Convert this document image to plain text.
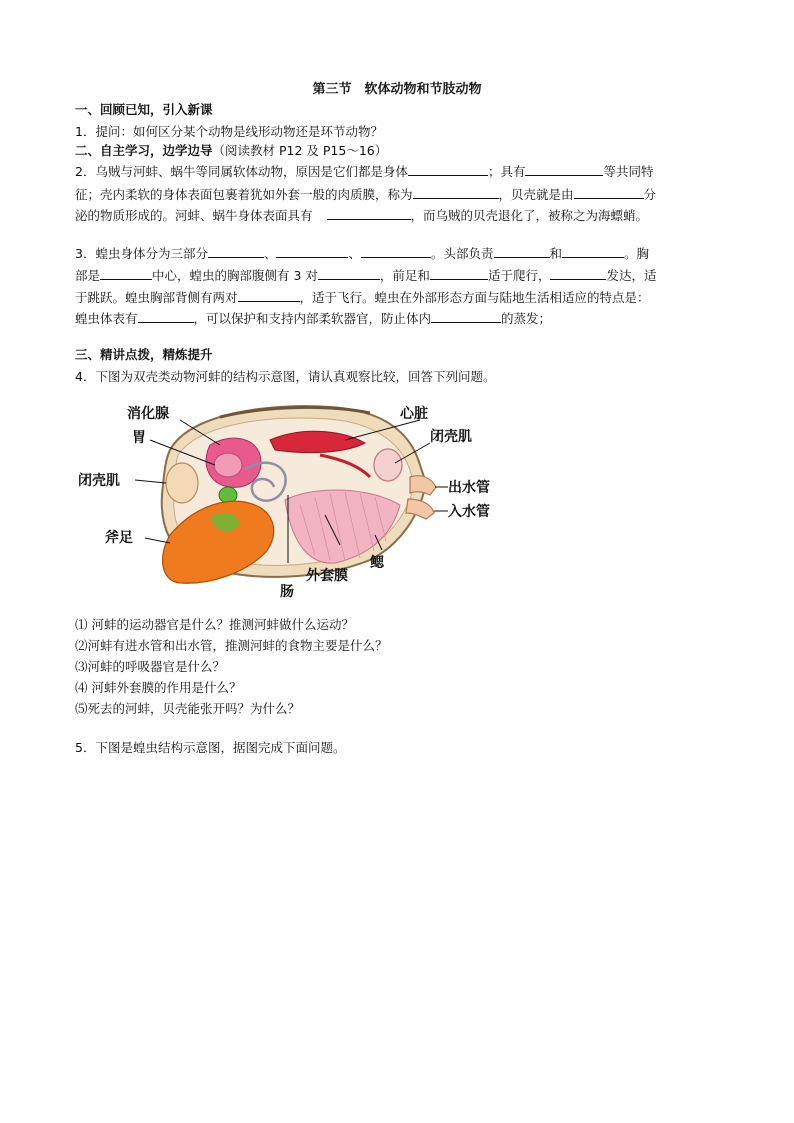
第三节　软体动物和节肢动物
一、回顾已知，引入新课
1．提问：如何区分某个动物是线形动物还是环节动物？
二、自主学习，边学边导（阅读教材 P12 及 P15～16）
2．乌贼与河蚌、蜗牛等同属软体动物，原因是它们都是身体	；具有	等共同特
征；壳内柔软的身体表面包裹着犹如外套一般的肉质膜，称为	，贝壳就是由	分
泌的物质形成的。河蚌、蜗牛身体表面具有	，而乌贼的贝壳退化了，被称之为海螵蛸。
3．蝗虫身体分为三部分	、	、	。头部负责	和	。胸
部是	中心，蝗虫的胸部腹侧有 3 对	，前足和	适于爬行，	发达，适
于跳跃。蝗虫胸部背侧有两对	，适于飞行。蝗虫在外部形态方面与陆地生活相适应的特点是：
蝗虫体表有	，可以保护和支持内部柔软器官，防止体内	的蒸发；
三、精讲点拨，精炼提升
4．下图为双壳类动物河蚌的结构示意图，请认真观察比较，回答下列问题。
消化腺
胃
心脏
闭壳肌
闭壳肌	出水管
入水管
斧足
肠
外套膜
鳃
⑴ 河蚌的运动器官是什么？推测河蚌做什么运动？
⑵河蚌有进水管和出水管，推测河蚌的食物主要是什么？
⑶河蚌的呼吸器官是什么？
⑷ 河蚌外套膜的作用是什么？
⑸死去的河蚌，贝壳能张开吗？为什么？
5．下图是蝗虫结构示意图，据图完成下面问题。
